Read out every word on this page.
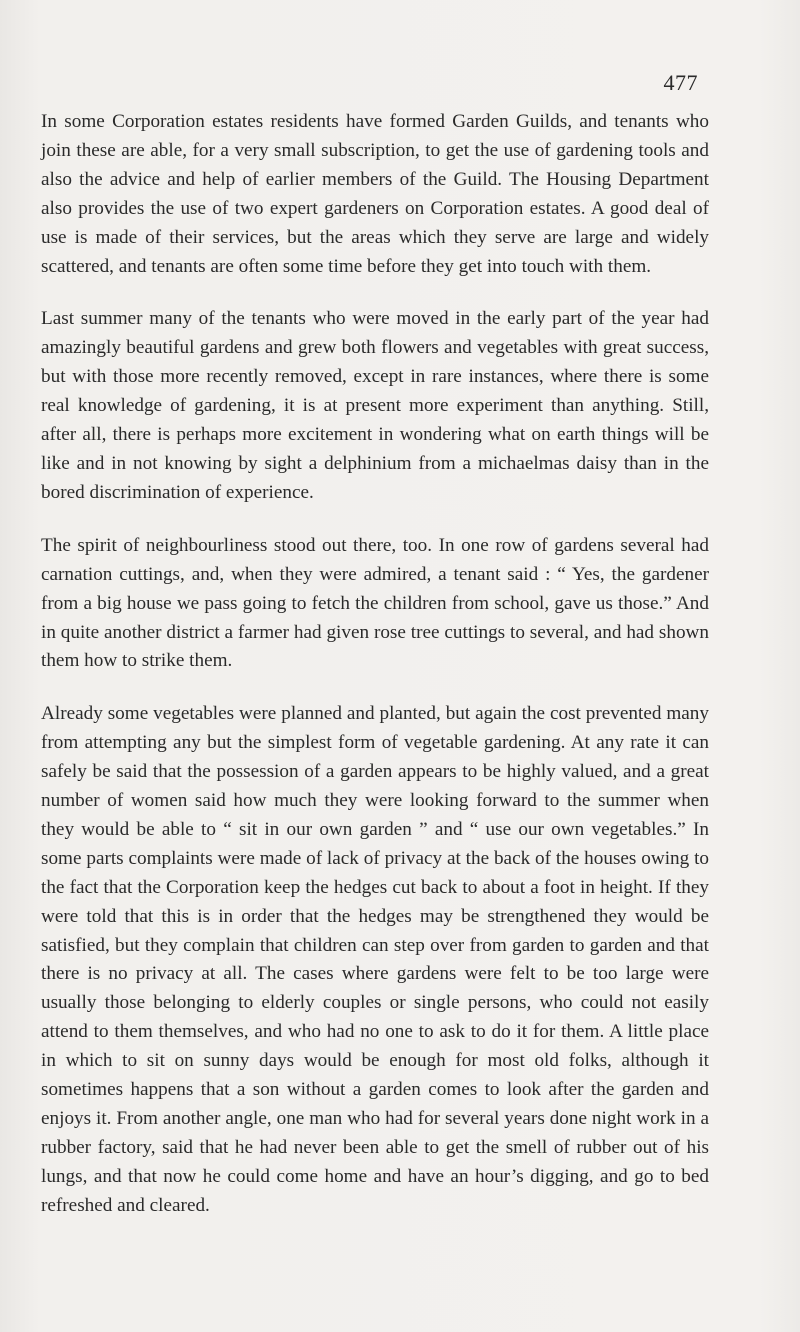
477

In some Corporation estates residents have formed Garden Guilds, and tenants who join these are able, for a very small subscription, to get the use of gardening tools and also the advice and help of earlier members of the Guild. The Housing Department also provides the use of two expert gardeners on Corporation estates. A good deal of use is made of their services, but the areas which they serve are large and widely scattered, and tenants are often some time before they get into touch with them.

Last summer many of the tenants who were moved in the early part of the year had amazingly beautiful gardens and grew both flowers and vegetables with great success, but with those more recently removed, except in rare instances, where there is some real knowledge of gardening, it is at present more experiment than anything. Still, after all, there is perhaps more excitement in wondering what on earth things will be like and in not knowing by sight a delphinium from a michaelmas daisy than in the bored discrimination of experience.

The spirit of neighbourliness stood out there, too. In one row of gardens several had carnation cuttings, and, when they were admired, a tenant said : “ Yes, the gardener from a big house we pass going to fetch the children from school, gave us those.” And in quite another district a farmer had given rose tree cuttings to several, and had shown them how to strike them.

Already some vegetables were planned and planted, but again the cost prevented many from attempting any but the simplest form of vegetable gardening. At any rate it can safely be said that the possession of a garden appears to be highly valued, and a great number of women said how much they were looking forward to the summer when they would be able to “ sit in our own garden ” and “ use our own vegetables.” In some parts complaints were made of lack of privacy at the back of the houses owing to the fact that the Corporation keep the hedges cut back to about a foot in height. If they were told that this is in order that the hedges may be strengthened they would be satisfied, but they complain that children can step over from garden to garden and that there is no privacy at all. The cases where gardens were felt to be too large were usually those belonging to elderly couples or single persons, who could not easily attend to them themselves, and who had no one to ask to do it for them. A little place in which to sit on sunny days would be enough for most old folks, although it sometimes happens that a son without a garden comes to look after the garden and enjoys it. From another angle, one man who had for several years done night work in a rubber factory, said that he had never been able to get the smell of rubber out of his lungs, and that now he could come home and have an hour’s digging, and go to bed refreshed and cleared.
